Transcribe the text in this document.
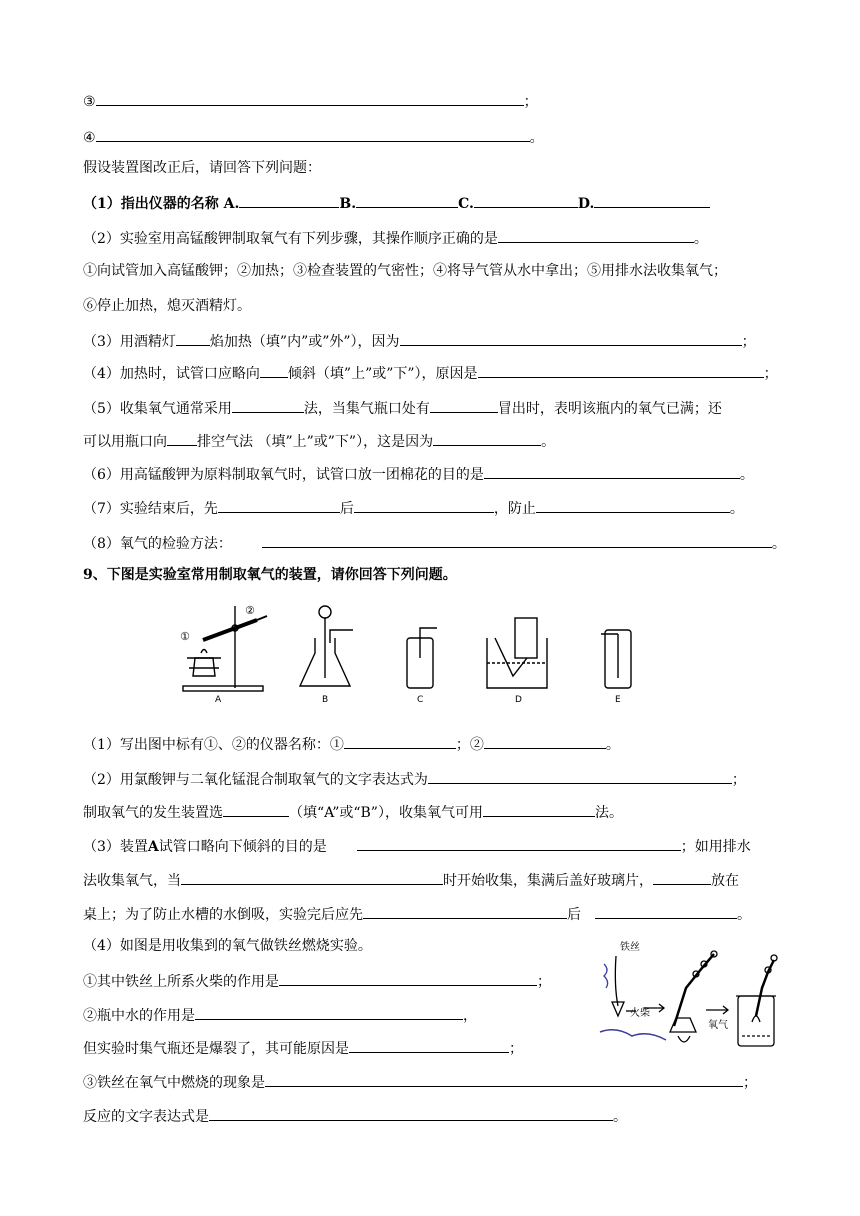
③	；
④	。
假设装置图改正后，请回答下列问题：
（1）指出仪器的名称 A.	B.	C.	D.
（2）实验室用高锰酸钾制取氧气有下列步骤，其操作顺序正确的是	。
①向试管加入高锰酸钾；②加热；③检查装置的气密性；④将导气管从水中拿出；⑤用排水法收集氧气；
⑥停止加热，熄灭酒精灯。
（3）用酒精灯 焰加热（填”内”或”外”），因为	；
（4）加热时，试管口应略向 倾斜（填”上”或”下”），原因是	；
（5）收集氧气通常采用	法，当集气瓶口处有	冒出时，表明该瓶内的氧气已满；还
可以用瓶口向 排空气法 （填”上”或”下”），这是因为	。
（6）用高锰酸钾为原料制取氧气时，试管口放一团棉花的目的是	。
（7）实验结束后，先	后	，防止	。
（8）氧气的检验方法：	。
9、下图是实验室常用制取氧气的装置，请你回答下列问题。
①
②
A	B	C	D	E
（1）写出图中标有①、②的仪器名称：①	；②	。
（2）用氯酸钾与二氧化锰混合制取氧气的文字表达式为	；
制取氧气的发生装置选	（填“A”或“B”），收集氧气可用	法。
（3）装置A试管口略向下倾斜的目的是	；如用排水
法收集氧气，当	时开始收集，集满后盖好玻璃片，	放在
桌上；为了防止水槽的水倒吸，实验完后应先	后	。
（4）如图是用收集到的氧气做铁丝燃烧实验。
①其中铁丝上所系火柴的作用是	；
②瓶中水的作用是	，
但实验时集气瓶还是爆裂了，其可能原因是	；
③铁丝在氧气中燃烧的现象是	；
反应的文字表达式是	。
铁丝
火柴
氧气
